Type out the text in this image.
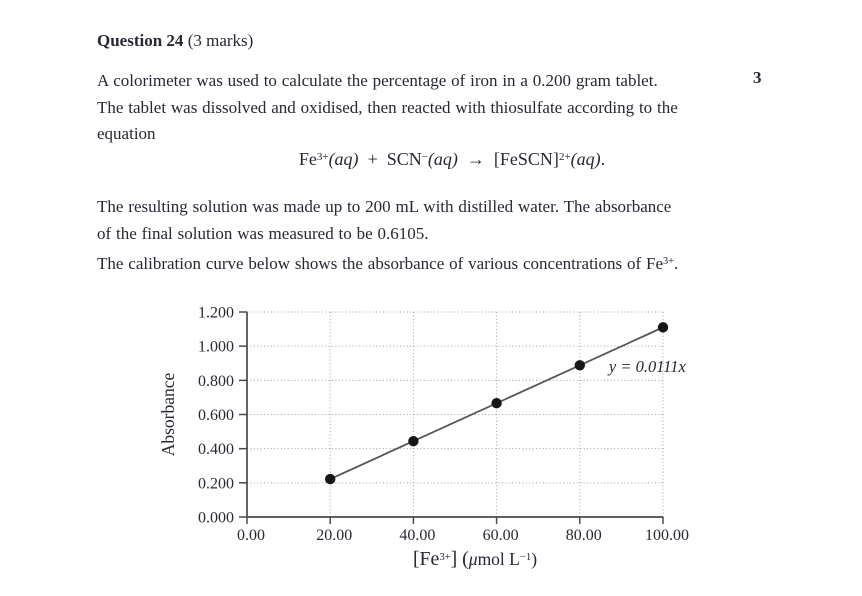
Question 24 (3 marks)
3
A colorimeter was used to calculate the percentage of iron in a 0.200 gram tablet.
The tablet was dissolved and oxidised, then reacted with thiosulfate according to the
equation
$Fe^{3+}(aq) + SCN^-(aq)$ → [FeSCN]$^{2+}$(aq).
The resulting solution was made up to 200 mL with distilled water. The absorbance
of the final solution was measured to be 0.6105.
The calibration curve below shows the absorbance of various concentrations of $Fe^{3+}$.
0.000
0.200
0.400
0.600
0.800
1.000
1.200
0.00	20.00	40.00	60.00	80.00	100.00
y = 0.0111x
Absorbance
$[Fe^{3+}]$ (μmol $L^{-1}$)
